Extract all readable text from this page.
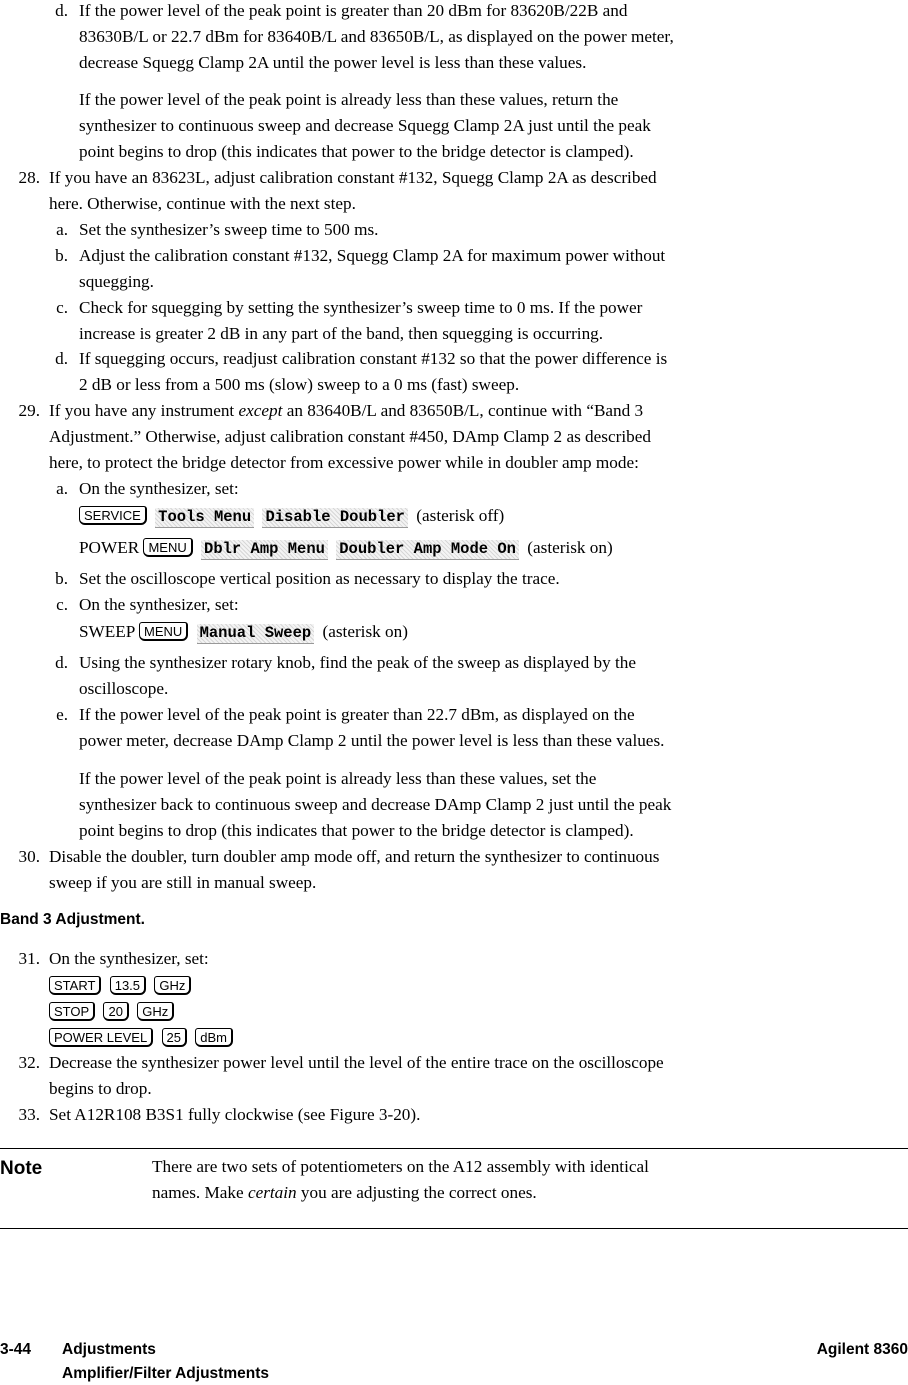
d. If the power level of the peak point is greater than 20 dBm for 83620B/22B and
83630B/L or 22.7 dBm for 83640B/L and 83650B/L, as displayed on the power meter,
decrease Squegg Clamp 2A until the power level is less than these values.
If the power level of the peak point is already less than these values, return the
synthesizer to continuous sweep and decrease Squegg Clamp 2A just until the peak
point begins to drop (this indicates that power to the bridge detector is clamped).
28. If you have an 83623L, adjust calibration constant #132, Squegg Clamp 2A as described
here. Otherwise, continue with the next step.
a. Set the synthesizer’s sweep time to 500 ms.
b. Adjust the calibration constant #132, Squegg Clamp 2A for maximum power without
squegging.
c. Check for squegging by setting the synthesizer’s sweep time to 0 ms. If the power
increase is greater 2 dB in any part of the band, then squegging is occurring.
d. If squegging occurs, readjust calibration constant #132 so that the power difference is
2 dB or less from a 500 ms (slow) sweep to a 0 ms (fast) sweep.
29. If you have any instrument except an 83640B/L and 83650B/L, continue with “Band 3
Adjustment.” Otherwise, adjust calibration constant #450, DAmp Clamp 2 as described
here, to protect the bridge detector from excessive power while in doubler amp mode:
a. On the synthesizer, set:
SERVICE Tools Menu Disable Doubler (asterisk off)
POWER MENU Dblr Amp Menu Doubler Amp Mode On (asterisk on)
b. Set the oscilloscope vertical position as necessary to display the trace.
c. On the synthesizer, set:
SWEEP MENU Manual Sweep (asterisk on)
d. Using the synthesizer rotary knob, find the peak of the sweep as displayed by the
oscilloscope.
e. If the power level of the peak point is greater than 22.7 dBm, as displayed on the
power meter, decrease DAmp Clamp 2 until the power level is less than these values.
If the power level of the peak point is already less than these values, set the
synthesizer back to continuous sweep and decrease DAmp Clamp 2 just until the peak
point begins to drop (this indicates that power to the bridge detector is clamped).
30. Disable the doubler, turn doubler amp mode off, and return the synthesizer to continuous
sweep if you are still in manual sweep.
Band 3 Adjustment.
31. On the synthesizer, set:
START 13.5 GHz
STOP 20 GHz
POWER LEVEL 25 dBm
32. Decrease the synthesizer power level until the level of the entire trace on the oscilloscope
begins to drop.
33. Set A12R108 B3S1 fully clockwise (see Figure 3-20).
Note	There are two sets of potentiometers on the A12 assembly with identical
names. Make certain you are adjusting the correct ones.
3-44 Adjustments
Amplifier/Filter Adjustments
Agilent 8360
